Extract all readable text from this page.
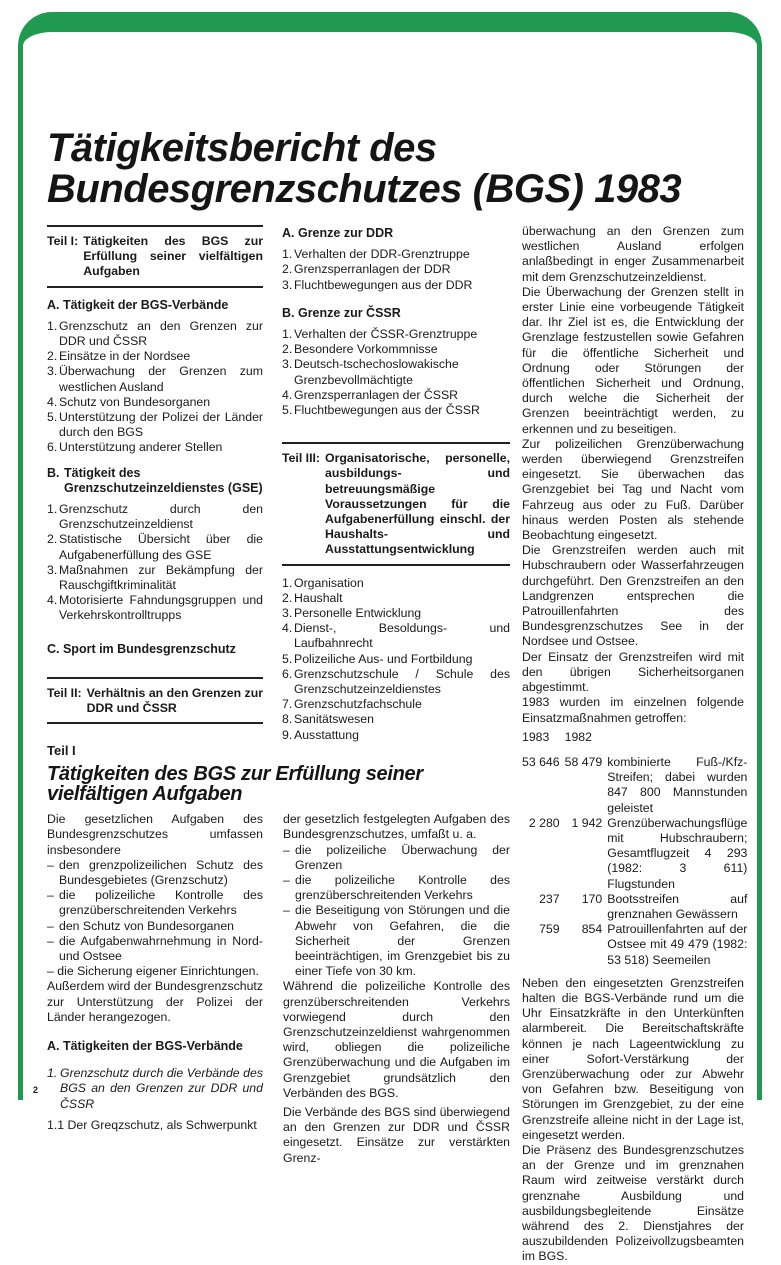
Tätigkeitsbericht des
Bundesgrenzschutzes (BGS) 1983
Teil I: Tätigkeiten des BGS zur Erfüllung seiner vielfältigen Aufgaben
A. Tätigkeit der BGS-Verbände
1. Grenzschutz an den Grenzen zur DDR und ČSSR
2. Einsätze in der Nordsee
3. Überwachung der Grenzen zum westlichen Ausland
4. Schutz von Bundesorganen
5. Unterstützung der Polizei der Länder durch den BGS
6. Unterstützung anderer Stellen
B. Tätigkeit des Grenzschutzeinzeldienstes (GSE)
1. Grenzschutz durch den Grenzschutzeinzeldienst
2. Statistische Übersicht über die Aufgabenerfüllung des GSE
3. Maßnahmen zur Bekämpfung der Rauschgiftkriminalität
4. Motorisierte Fahndungsgruppen und Verkehrskontrolltrupps
C. Sport im Bundesgrenzschutz
Teil II: Verhältnis an den Grenzen zur DDR und ČSSR
A. Grenze zur DDR
1. Verhalten der DDR-Grenztruppe
2. Grenzsperranlagen der DDR
3. Fluchtbewegungen aus der DDR
B. Grenze zur ČSSR
1. Verhalten der ČSSR-Grenztruppe
2. Besondere Vorkommnisse
3. Deutsch-tschechoslowakische Grenzbevollmächtigte
4. Grenzsperranlagen der ČSSR
5. Fluchtbewegungen aus der ČSSR
Teil III: Organisatorische, personelle, ausbildungs- und betreuungsmäßige Voraussetzungen für die Aufgabenerfüllung einschl. der Haushalts- und Ausstattungsentwicklung
1. Organisation
2. Haushalt
3. Personelle Entwicklung
4. Dienst-, Besoldungs- und Laufbahnrecht
5. Polizeiliche Aus- und Fortbildung
6. Grenzschutzschule / Schule des Grenzschutzeinzeldienstes
7. Grenzschutzfachschule
8. Sanitätswesen
9. Ausstattung
Teil I
Tätigkeiten des BGS zur Erfüllung seiner vielfältigen Aufgaben

Die gesetzlichen Aufgaben des Bundesgrenzschutzes umfassen insbesondere

– den grenzpolizeilichen Schutz des Bundesgebietes (Grenzschutz)
– die polizeiliche Kontrolle des grenzüberschreitenden Verkehrs
– den Schutz von Bundesorganen
– die Aufgabenwahrnehmung in Nord- und Ostsee

– die Sicherung eigener Einrichtungen.

Außerdem wird der Bundesgrenzschutz zur Unterstützung der Polizei der Länder herangezogen.

A. Tätigkeiten der BGS-Verbände
1. Grenzschutz durch die Verbände des BGS an den Grenzen zur DDR und ČSSR

1.1 Der Greqzschutz, als Schwerpunkt

der gesetzlich festgelegten Aufgaben des Bundesgrenzschutzes, umfaßt u. a.

– die polizeiliche Überwachung der Grenzen
– die polizeiliche Kontrolle des grenzüberschreitenden Verkehrs
– die Beseitigung von Störungen und die Abwehr von Gefahren, die die Sicherheit der Grenzen beeinträchtigen, im Grenzgebiet bis zu einer Tiefe von 30 km.

Während die polizeiliche Kontrolle des grenzüberschreitenden Verkehrs vorwiegend durch den Grenzschutzeinzeldienst wahrgenommen wird, obliegen die polizeiliche Grenzüberwachung und die Aufgaben im Grenzgebiet grundsätzlich den Verbänden des BGS.

Die Verbände des BGS sind überwiegend an den Grenzen zur DDR und ČSSR eingesetzt. Einsätze zur verstärkten Grenz-

überwachung an den Grenzen zum westlichen Ausland erfolgen anlaßbedingt in enger Zusammenarbeit mit dem Grenzschutzeinzeldienst.

Die Überwachung der Grenzen stellt in erster Linie eine vorbeugende Tätigkeit dar. Ihr Ziel ist es, die Entwicklung der Grenzlage festzustellen sowie Gefahren für die öffentliche Sicherheit und Ordnung oder Störungen der öffentlichen Sicherheit und Ordnung, durch welche die Sicherheit der Grenzen beeinträchtigt werden, zu erkennen und zu beseitigen.

Zur polizeilichen Grenzüberwachung werden überwiegend Grenzstreifen eingesetzt. Sie überwachen das Grenzgebiet bei Tag und Nacht vom Fahrzeug aus oder zu Fuß. Darüber hinaus werden Posten als stehende Beobachtung eingesetzt.

Die Grenzstreifen werden auch mit Hubschraubern oder Wasserfahrzeugen durchgeführt. Den Grenzstreifen an den Landgrenzen entsprechen die Patrouillenfahrten des Bundesgrenzschutzes See in der Nordsee und Ostsee.

Der Einsatz der Grenzstreifen wird mit den übrigen Sicherheitsorganen abgestimmt.

1983 wurden im einzelnen folgende Einsatzmaßnahmen getroffen:

1983	1982	

53 646	58 479	kombinierte Fuß-/Kfz-Streifen; dabei wurden 847 800 Mannstunden geleistet
2 280	1 942	Grenzüberwachungsflüge mit Hubschraubern; Gesamtflugzeit 4 293 (1982: 3 611) Flugstunden
237	170	Bootsstreifen auf grenznahen Gewässern
759	854	Patrouillenfahrten auf der Ostsee mit 49 479 (1982: 53 518) Seemeilen

Neben den eingesetzten Grenzstreifen halten die BGS-Verbände rund um die Uhr Einsatzkräfte in den Unterkünften alarmbereit. Die Bereitschaftskräfte können je nach Lageentwicklung zu einer Sofort-Verstärkung der Grenzüberwachung oder zur Abwehr von Gefahren bzw. Beseitigung von Störungen im Grenzgebiet, zu der eine Grenzstreife alleine nicht in der Lage ist, eingesetzt werden.

Die Präsenz des Bundesgrenzschutzes an der Grenze und im grenznahen Raum wird zeitweise verstärkt durch grenznahe Ausbildung und ausbildungsbegleitende Einsätze während des 2. Dienstjahres der auszubildenden Polizeivollzugsbeamten im BGS.

2
